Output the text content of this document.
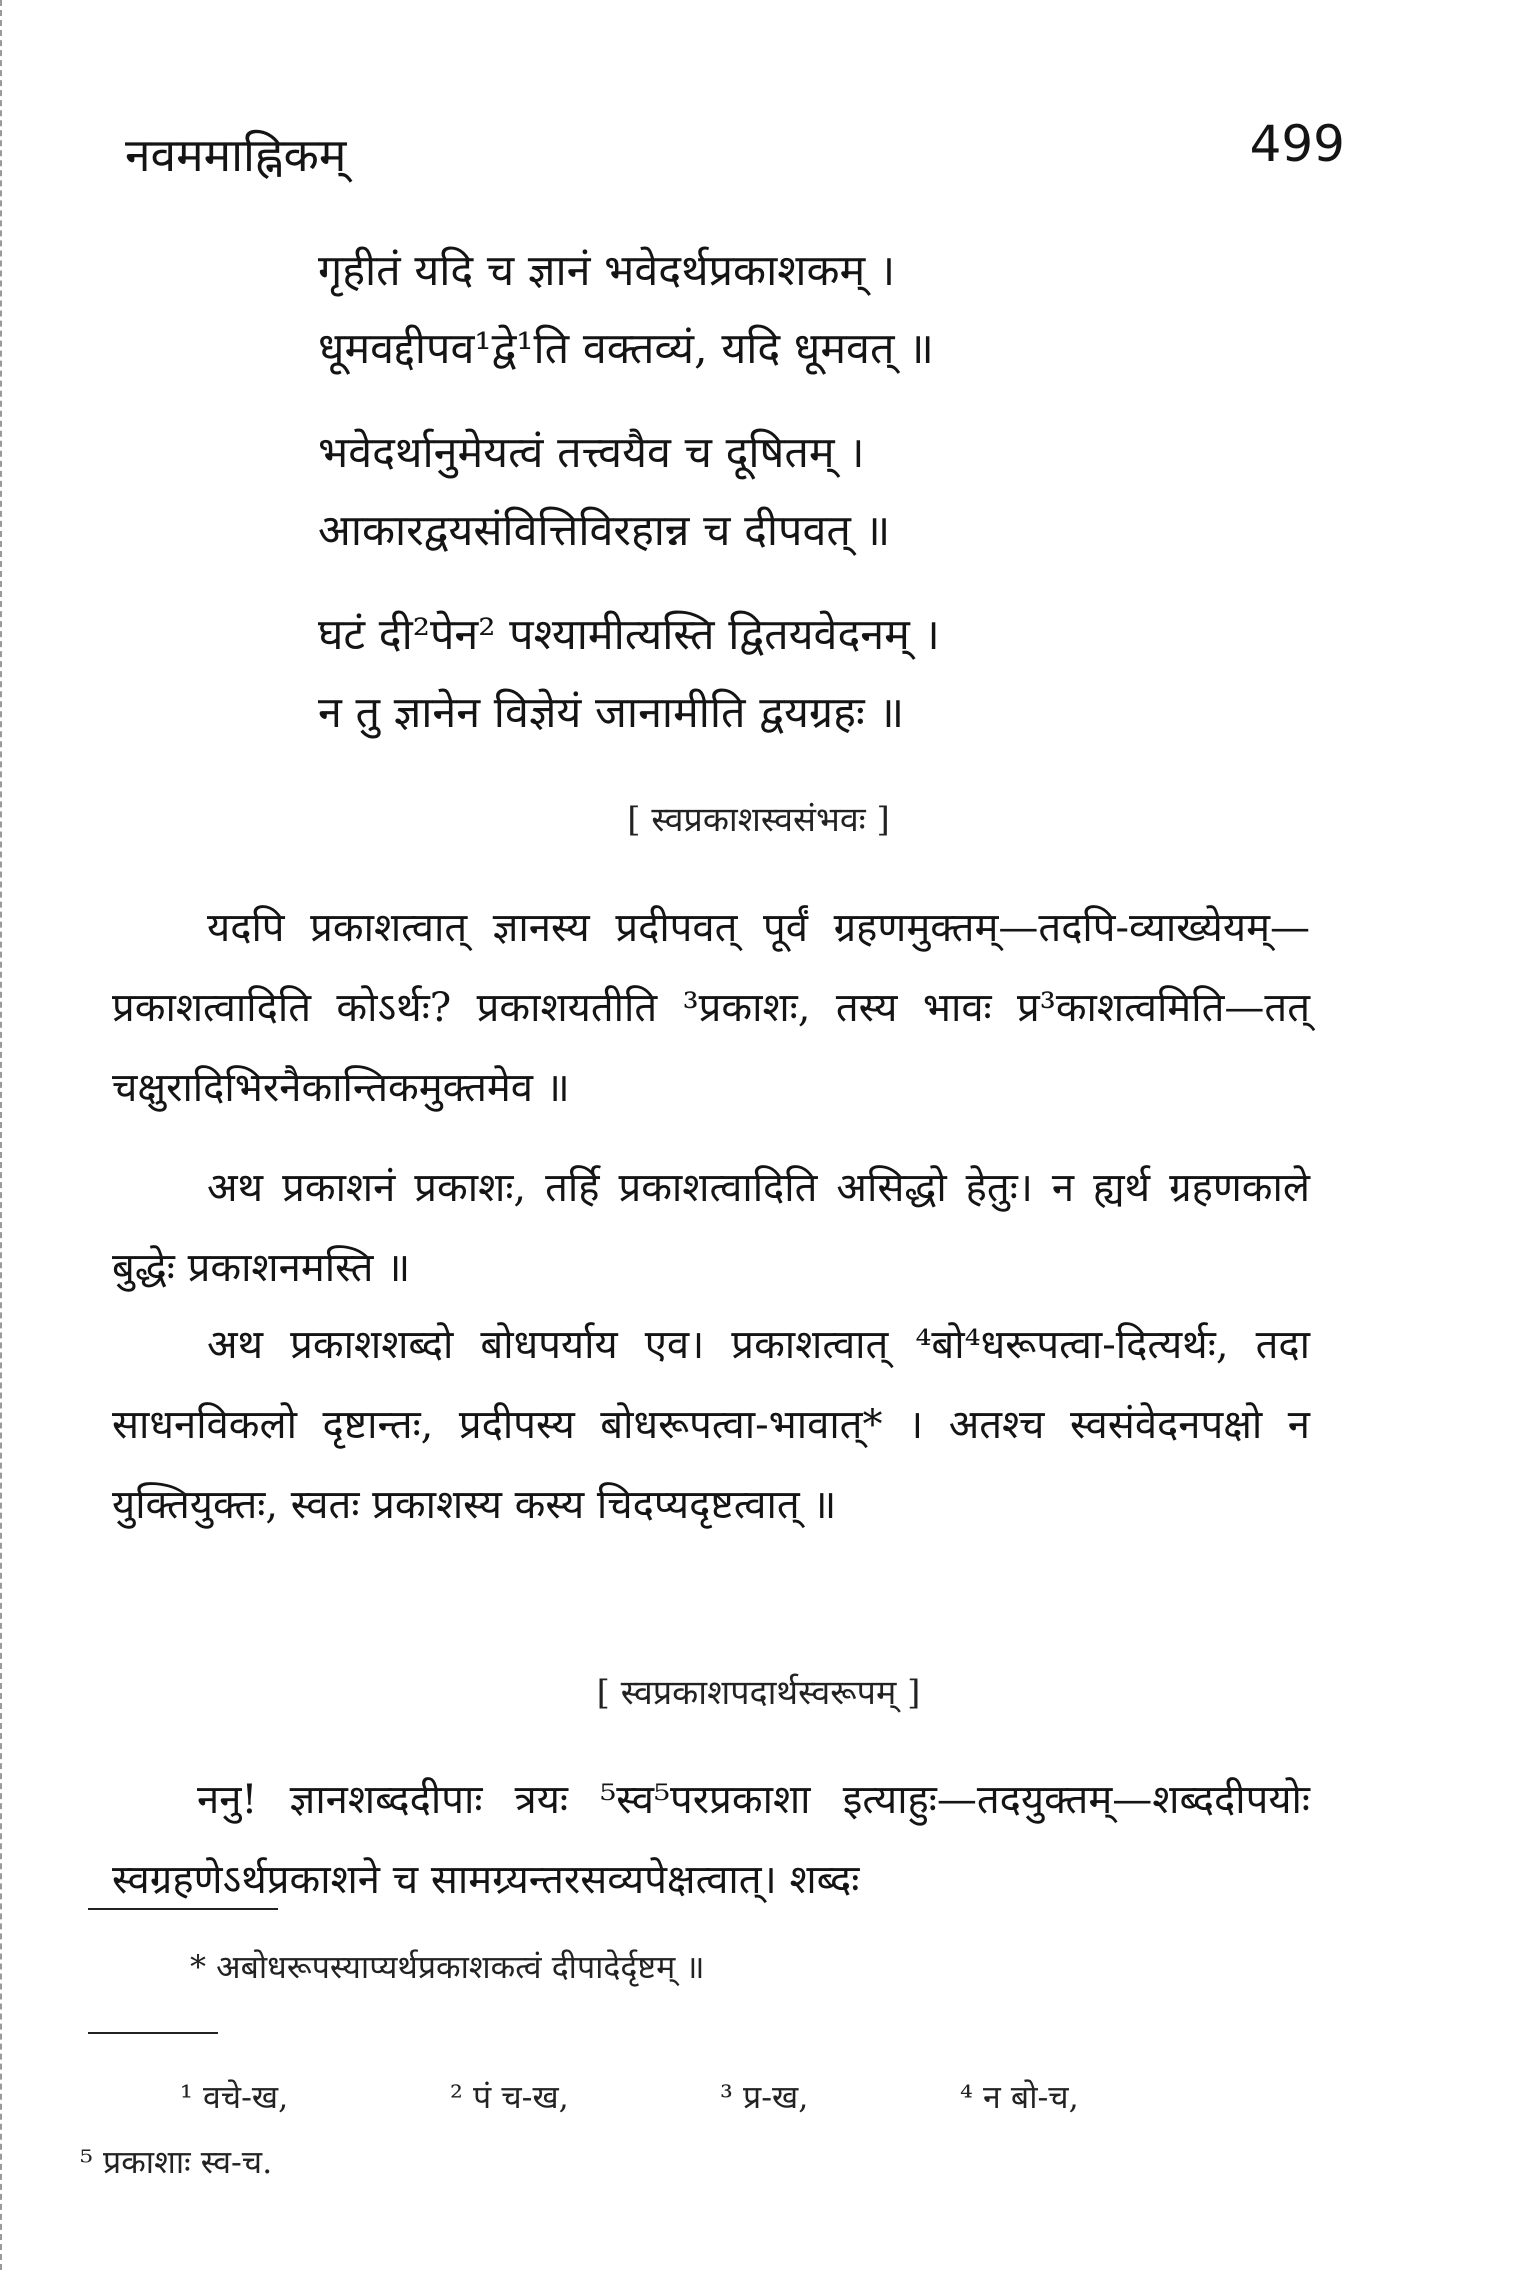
नवममाह्निकम्	499
गृहीतं यदि च ज्ञानं भवेदर्थप्रकाशकम् ।
धूमवद्दीपव¹द्वे¹ति वक्तव्यं, यदि धूमवत् ॥
भवेदर्थानुमेयत्वं तत्त्वयैव च दूषितम् ।
आकारद्वयसंवित्तिविरहान्न च दीपवत् ॥
घटं दी²पेन² पश्यामीत्यस्ति द्वितयवेदनम् ।
न तु ज्ञानेन विज्ञेयं जानामीति द्वयग्रहः ॥
[ स्वप्रकाशस्वसंभवः ]
यदपि प्रकाशत्वात् ज्ञानस्य प्रदीपवत् पूर्वं ग्रहणमुक्तम्—तदपि-व्याख्येयम्—प्रकाशत्वादिति कोऽर्थः? प्रकाशयतीति ³प्रकाशः, तस्य भावः प्र³काशत्वमिति—तत् चक्षुरादिभिरनैकान्तिकमुक्तमेव ॥
अथ प्रकाशनं प्रकाशः, तर्हि प्रकाशत्वादिति असिद्धो हेतुः। न ह्यर्थ ग्रहणकाले बुद्धेः प्रकाशनमस्ति ॥
अथ प्रकाशशब्दो बोधपर्याय एव। प्रकाशत्वात् ⁴बो⁴धरूपत्वा-दित्यर्थः, तदा साधनविकलो दृष्टान्तः, प्रदीपस्य बोधरूपत्वा-भावात्* । अतश्च स्वसंवेदनपक्षो न युक्तियुक्तः, स्वतः प्रकाशस्य कस्य चिदप्यदृष्टत्वात् ॥
[ स्वप्रकाशपदार्थस्वरूपम् ]
ननु! ज्ञानशब्ददीपाः त्रयः ⁵स्व⁵परप्रकाशा इत्याहुः—तदयुक्तम्—शब्ददीपयोः स्वग्रहणेऽर्थप्रकाशने च सामग्र्यन्तरसव्यपेक्षत्वात्। शब्दः
* अबोधरूपस्याप्यर्थप्रकाशकत्वं दीपादेर्दृष्टम् ॥
¹ वचे-ख,	² पं च-ख,	³ प्र-ख,	⁴ न बो-च,
⁵ प्रकाशाः स्व-च.
